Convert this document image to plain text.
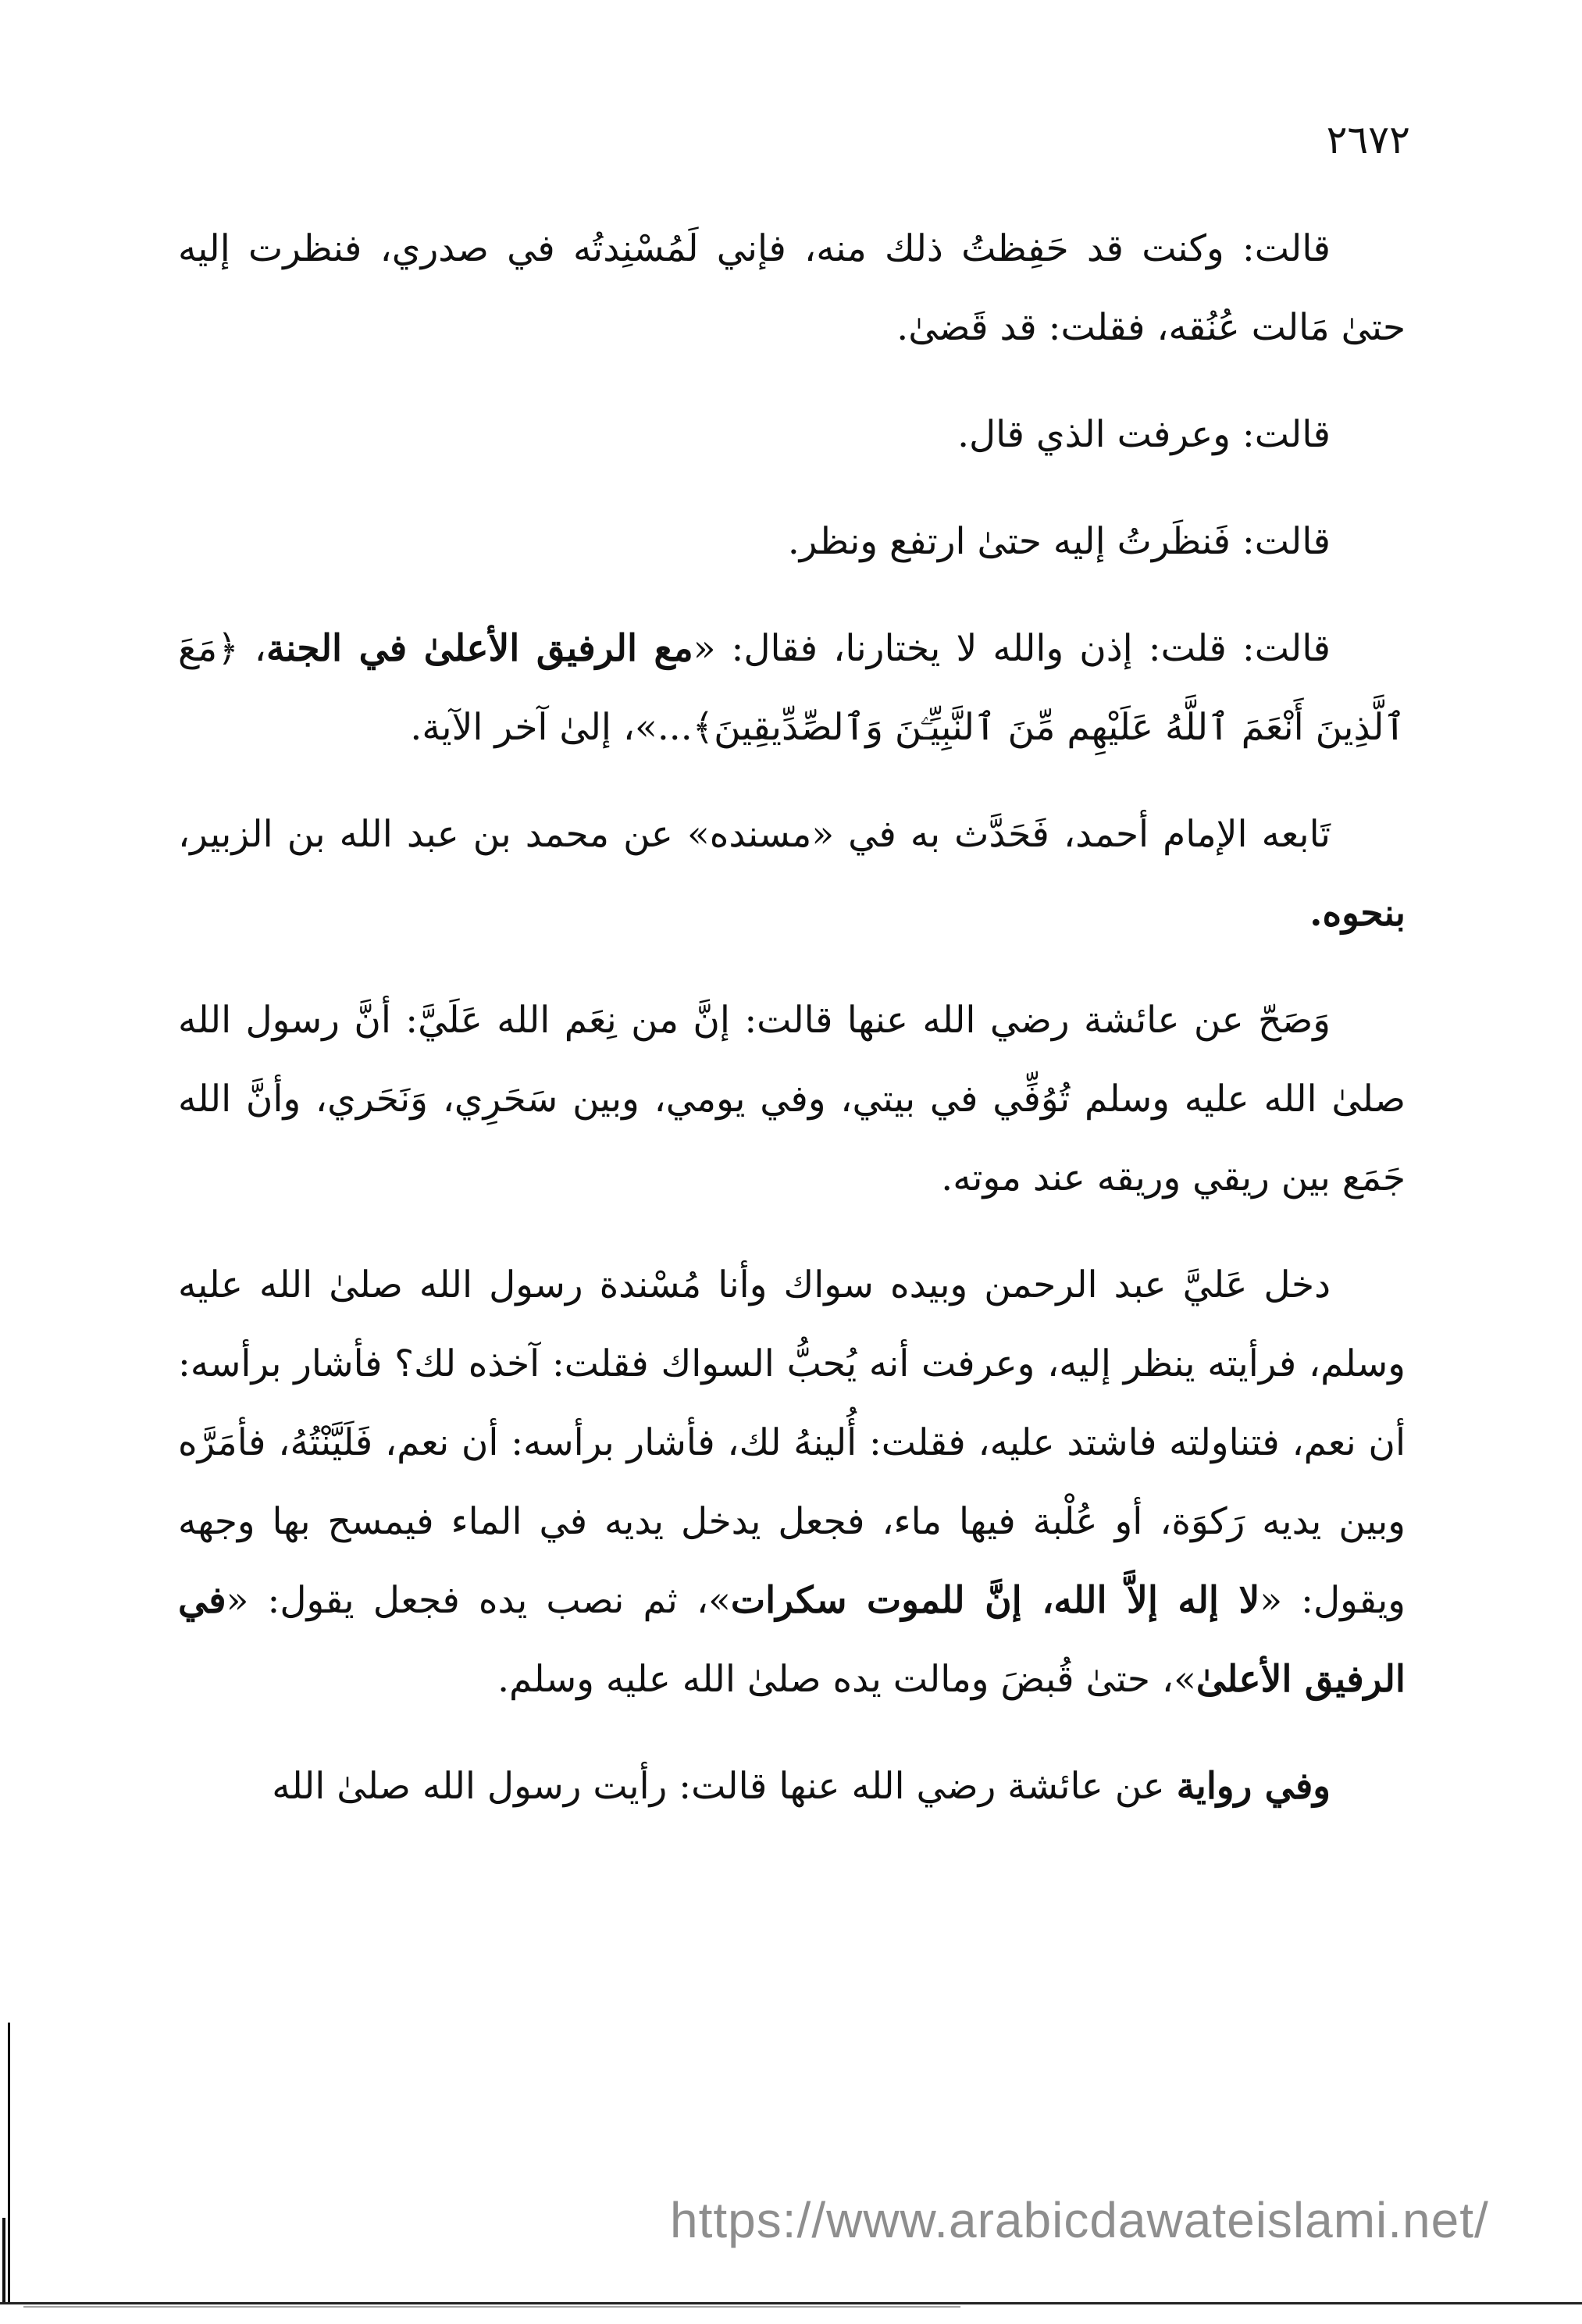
٢٦٧٢

قالت: وكنت قد حَفِظتُ ذلك منه، فإني لَمُسْنِدتُه في صدري، فنظرت إليه حتىٰ مَالت عُنُقه، فقلت: قد قَضىٰ.

قالت: وعرفت الذي قال.

قالت: فَنظَرتُ إليه حتىٰ ارتفع ونظر.

قالت: قلت: إذن والله لا يختارنا، فقال: «مع الرفيق الأعلىٰ في الجنة، ﴿مَعَ ٱلَّذِينَ أَنْعَمَ ٱللَّهُ عَلَيْهِم مِّنَ ٱلنَّبِيِّـۧنَ وَٱلصِّدِّيقِينَ﴾...»، إلىٰ آخر الآية.

تَابعه الإمام أحمد، فَحَدَّث به في «مسنده» عن محمد بن عبد الله بن الزبير، بنحوه.

وَصَحّ عن عائشة رضي الله عنها قالت: إنَّ من نِعَم الله عَلَيَّ: أنَّ رسول الله صلىٰ الله عليه وسلم تُوُفِّي في بيتي، وفي يومي، وبين سَحَرِي، وَنَحَري، وأنَّ الله جَمَع بين ريقي وريقه عند موته.

دخل عَليَّ عبد الرحمن وبيده سواك وأنا مُسْندة رسول الله صلىٰ الله عليه وسلم، فرأيته ينظر إليه، وعرفت أنه يُحبُّ السواك فقلت: آخذه لك؟ فأشار برأسه: أن نعم، فتناولته فاشتد عليه، فقلت: أُلينهُ لك، فأشار برأسه: أن نعم، فَلَيَّنْتُهُ، فأمَرَّه وبين يديه رَكوَة، أو عُلْبة فيها ماء، فجعل يدخل يديه في الماء فيمسح بها وجهه ويقول: «لا إله إلاَّ الله، إنَّ للموت سكرات»، ثم نصب يده فجعل يقول: «في الرفيق الأعلىٰ»، حتىٰ قُبضَ ومالت يده صلىٰ الله عليه وسلم.

وفي رواية عن عائشة رضي الله عنها قالت: رأيت رسول الله صلىٰ الله

https://www.arabicdawateislami.net/
